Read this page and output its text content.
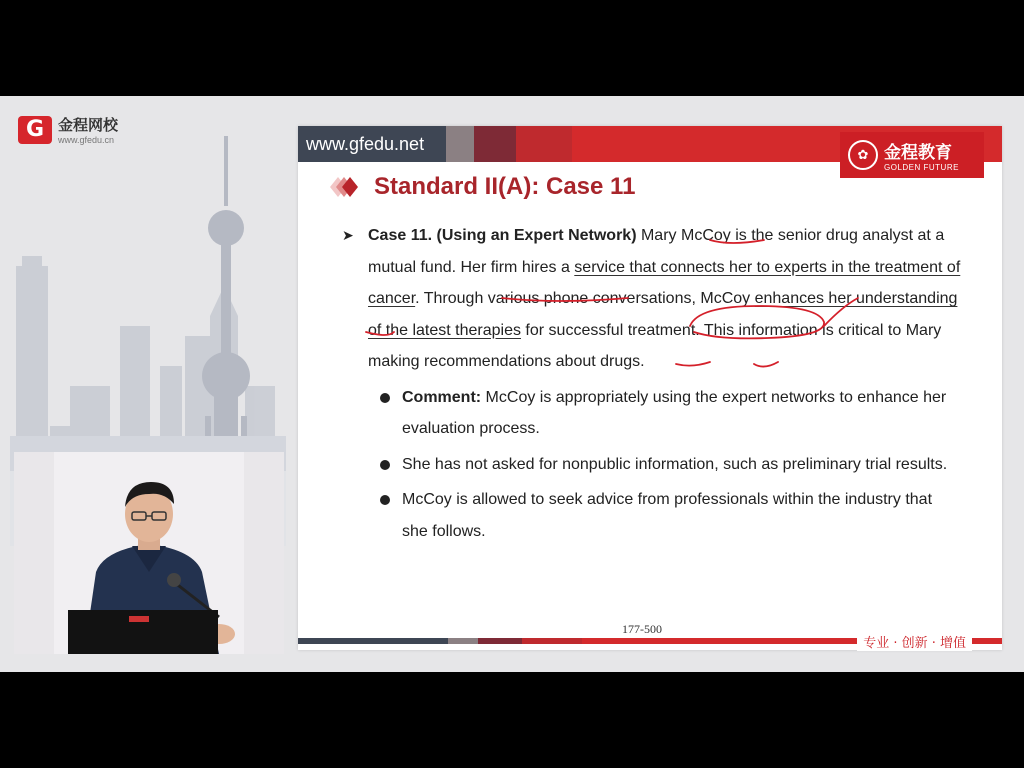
G 金程网校
www.gfedu.cn	www.gfedu.net
✿ 金程教育
GOLDEN FUTURE
Standard II(A): Case 11
➤ Case 11. (Using an Expert Network) Mary McCoy is the senior drug analyst at a mutual fund. Her firm hires a service that connects her to experts in the treatment of cancer. Through various phone conversations, McCoy enhances her understanding of the latest therapies for successful treatment. This information is critical to Mary making recommendations about drugs.
Comment: McCoy is appropriately using the expert networks to enhance her evaluation process.
She has not asked for nonpublic information, such as preliminary trial results.
McCoy is allowed to seek advice from professionals within the industry that she follows.
177-500
专业 · 创新 · 增值
